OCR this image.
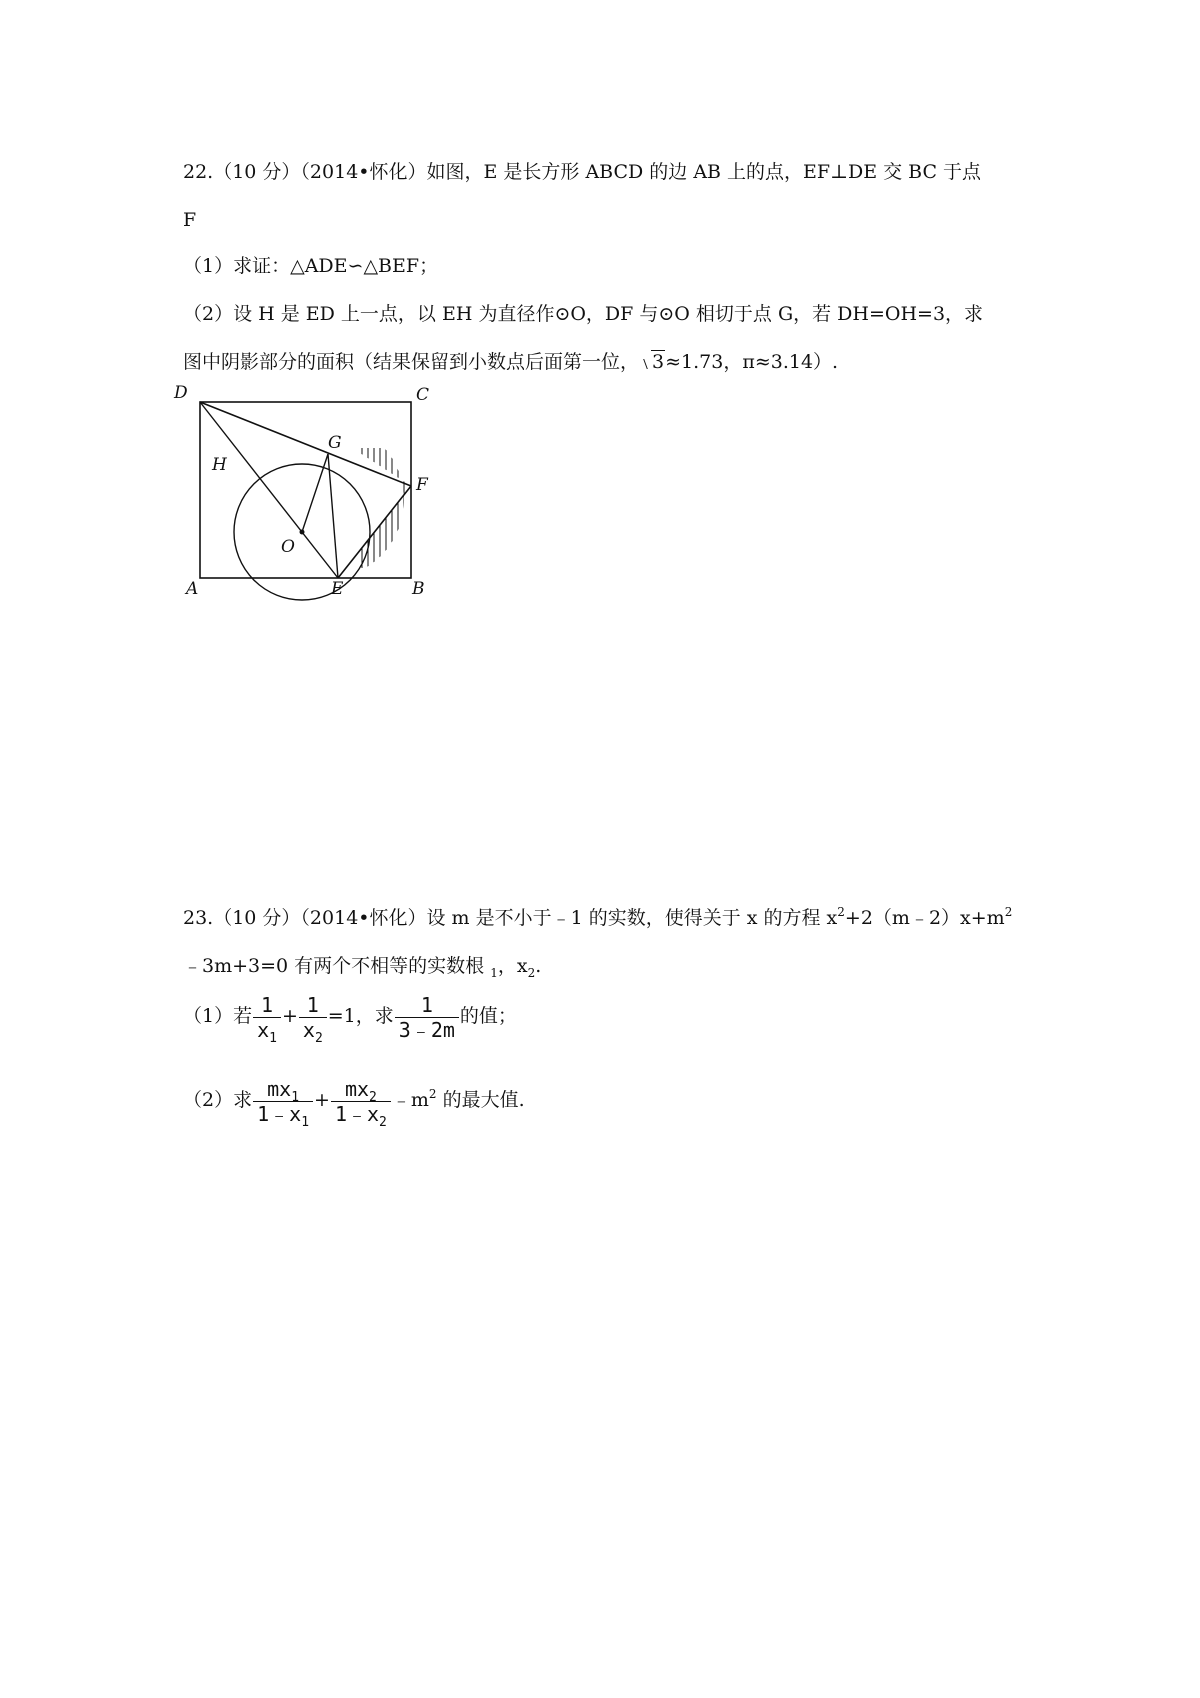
22.（10 分）（2014•怀化）如图，E 是长方形 ABCD 的边 AB 上的点，EF⊥DE 交 BC 于点
F
（1）求证：△ADE∽△BEF；
（2）设 H 是 ED 上一点，以 EH 为直径作⊙O，DF 与⊙O 相切于点 G，若 DH=OH=3，求
图中阴影部分的面积（结果保留到小数点后面第一位， 3≈1.73，π≈3.14）.
D	C
H
G
F
O
A	E	B
23.（10 分）（2014•怀化）设 m 是不小于﹣1 的实数，使得关于 x 的方程 $x^2+2(m﹣2)x+m^2$
﹣3m+3=0 有两个不相等的实数根 $_1$，$x_2$.
（1）若 $\frac{1}{x_1} + \frac{1}{x_2} =1$，求 $\frac{1}{3﹣2m}$ 的值；
（2）求 $\frac{mx_1}{1﹣x_1} + \frac{mx_2}{1﹣x_2}$ $﹣m^2$ 的最大值.
